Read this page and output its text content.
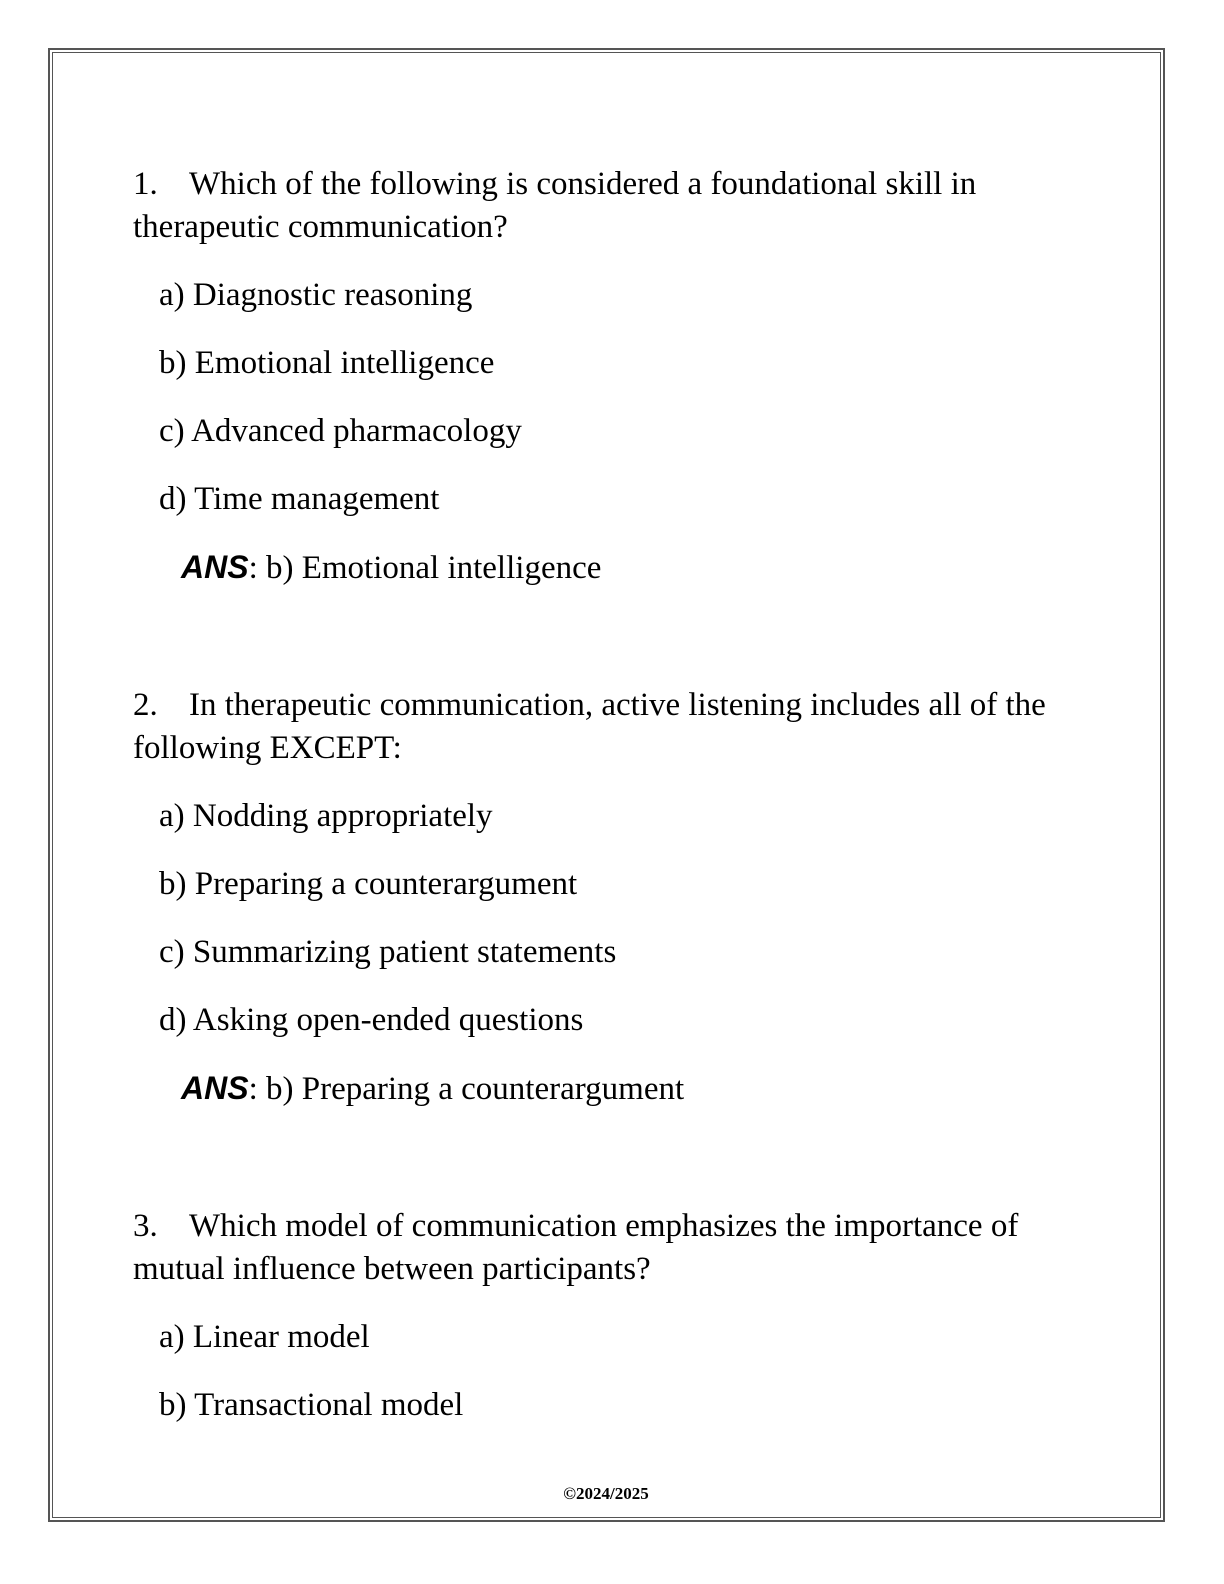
1. Which of the following is considered a foundational skill in therapeutic communication?

a) Diagnostic reasoning

b) Emotional intelligence

c) Advanced pharmacology

d) Time management

ANS: b) Emotional intelligence

2. In therapeutic communication, active listening includes all of the following EXCEPT:

a) Nodding appropriately

b) Preparing a counterargument

c) Summarizing patient statements

d) Asking open-ended questions

ANS: b) Preparing a counterargument

3. Which model of communication emphasizes the importance of mutual influence between participants?

a) Linear model

b) Transactional model

©2024/2025
